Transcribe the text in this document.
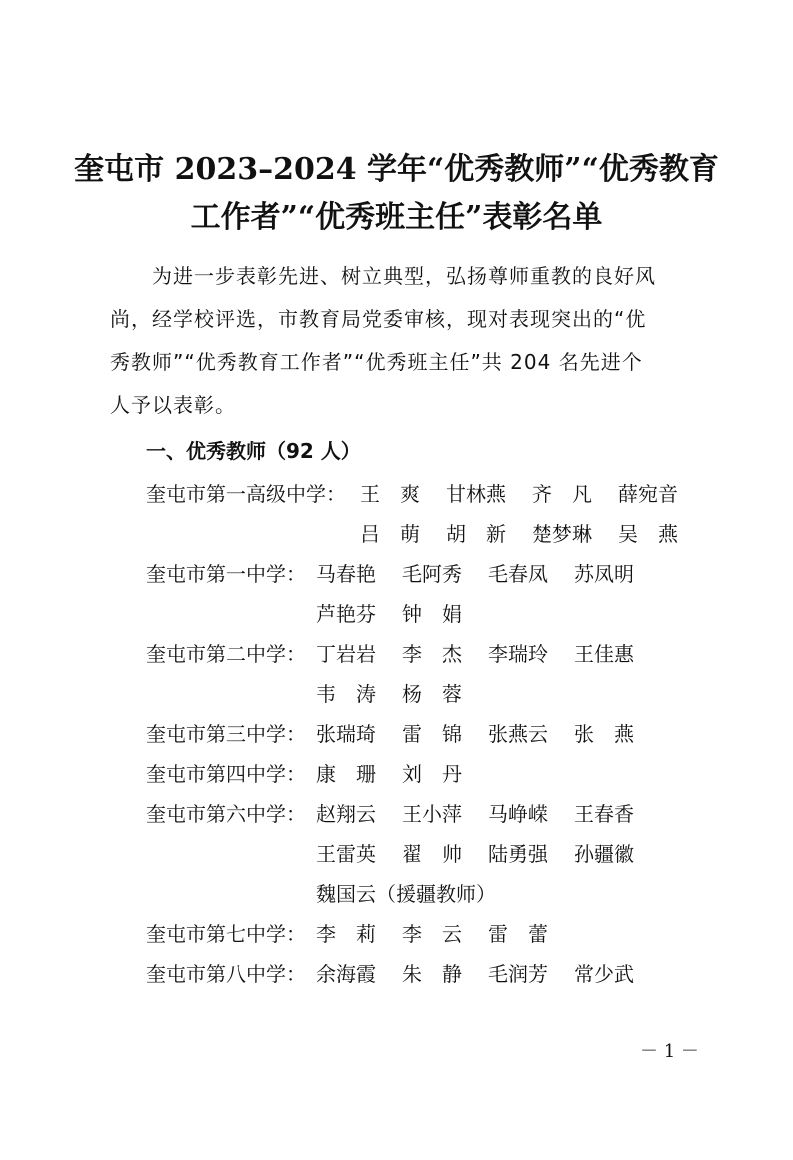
奎屯市 2023–2024 学年“优秀教师”“优秀教育
工作者”“优秀班主任”表彰名单
　　为进一步表彰先进、树立典型，弘扬尊师重教的良好风
尚，经学校评选，市教育局党委审核，现对表现突出的“优
秀教师”“优秀教育工作者”“优秀班主任”共 204 名先进个
人予以表彰。
一、优秀教师（92 人）
奎屯市第一高级中学： 王　爽 甘林燕 齐　凡 薛宛音
吕　萌 胡　新 楚梦琳 吴　燕
奎屯市第一中学： 马春艳 毛阿秀 毛春凤 苏凤明
芦艳芬 钟　娟
奎屯市第二中学： 丁岩岩 李　杰 李瑞玲 王佳惠
韦　涛 杨　蓉
奎屯市第三中学： 张瑞琦 雷　锦 张燕云 张　燕
奎屯市第四中学： 康　珊 刘　丹
奎屯市第六中学： 赵翔云 王小萍 马峥嵘 王春香
王雷英 翟　帅 陆勇强 孙疆徽
魏国云（援疆教师）
奎屯市第七中学： 李　莉 李　云 雷　蕾
奎屯市第八中学： 余海霞 朱　静 毛润芳 常少武
－ 1 －
